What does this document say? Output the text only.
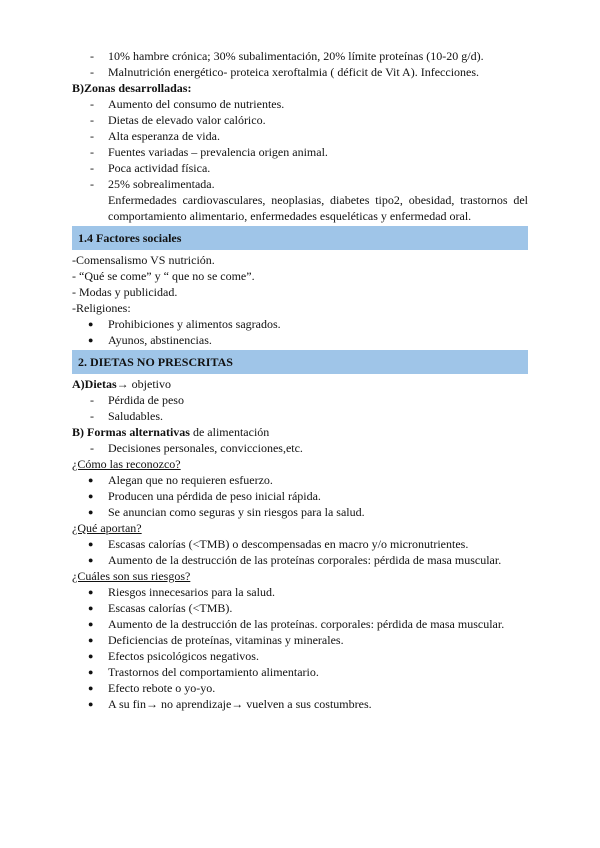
- 10% hambre crónica; 30% subalimentación, 20% límite proteínas (10-20 g/d).
- Malnutrición energético- proteica xeroftalmia ( déficit de Vit A). Infecciones.
B)Zonas desarrolladas:
- Aumento del consumo de nutrientes.
- Dietas de elevado valor calórico.
- Alta esperanza de vida.
- Fuentes variadas – prevalencia origen animal.
- Poca actividad física.
- 25% sobrealimentada.
Enfermedades cardiovasculares, neoplasias, diabetes tipo2, obesidad, trastornos del comportamiento alimentario, enfermedades esqueléticas y enfermedad oral.
1.4 Factores sociales
-Comensalismo VS nutrición.
- “Qué se come” y “ que no se come”.
- Modas y publicidad.
-Religiones:
● Prohibiciones y alimentos sagrados.
● Ayunos, abstinencias.
2. DIETAS NO PRESCRITAS
A)Dietas→ objetivo
- Pérdida de peso
- Saludables.
B) Formas alternativas de alimentación
- Decisiones personales, convicciones,etc.
¿Cómo las reconozco?
● Alegan que no requieren esfuerzo.
● Producen una pérdida de peso inicial rápida.
● Se anuncian como seguras y sin riesgos para la salud.
¿Qué aportan?
● Escasas calorías (<TMB) o descompensadas en macro y/o micronutrientes.
● Aumento de la destrucción de las proteínas corporales: pérdida de masa muscular.
¿Cuáles son sus riesgos?
● Riesgos innecesarios para la salud.
● Escasas calorías (<TMB).
● Aumento de la destrucción de las proteínas. corporales: pérdida de masa muscular.
● Deficiencias de proteínas, vitaminas y minerales.
● Efectos psicológicos negativos.
● Trastornos del comportamiento alimentario.
● Efecto rebote o yo-yo.
● A su fin→ no aprendizaje→ vuelven a sus costumbres.
